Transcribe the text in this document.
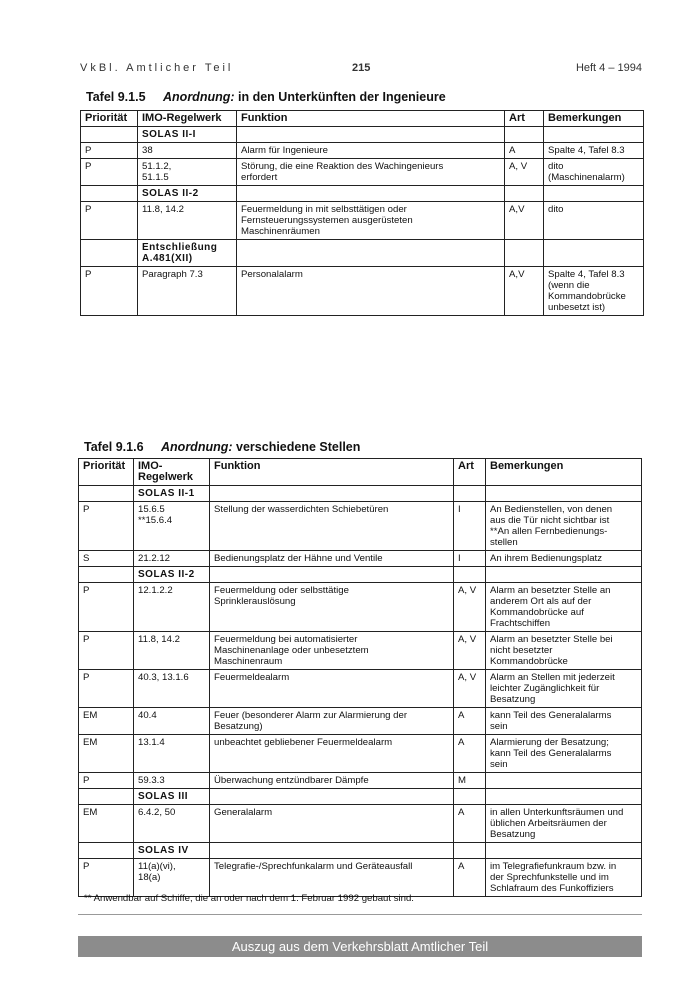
VkBl. Amtlicher Teil	215	Heft 4 – 1994
Tafel 9.1.5 Anordnung: in den Unterkünften der Ingenieure
Priorität	IMO-Regelwerk	Funktion	Art	Bemerkungen
	SOLAS II-I			
P	38	Alarm für Ingenieure	A	Spalte 4, Tafel 8.3
P	51.1.2,
51.1.5	Störung, die eine Reaktion des Wachingenieurs
erfordert	A, V	dito
(Maschinenalarm)
	SOLAS II-2			
P	11.8, 14.2	Feuermeldung in mit selbsttätigen oder
Fernsteuerungssystemen ausgerüsteten
Maschinenräumen	A,V	dito
	Entschließung
A.481(XII)			
P	Paragraph 7.3	Personalalarm	A,V	Spalte 4, Tafel 8.3
(wenn die
Kommandobrücke
unbesetzt ist)
Tafel 9.1.6 Anordnung: verschiedene Stellen
Priorität	IMO-
Regelwerk	Funktion	Art	Bemerkungen
	SOLAS II-1			
P	15.6.5
**15.6.4	Stellung der wasserdichten Schiebetüren	I	An Bedienstellen, von denen
aus die Tür nicht sichtbar ist
**An allen Fernbedienungs-
stellen
S	21.2.12	Bedienungsplatz der Hähne und Ventile	I	An ihrem Bedienungsplatz
	SOLAS II-2			
P	12.1.2.2	Feuermeldung oder selbsttätige
Sprinklerauslösung	A, V	Alarm an besetzter Stelle an
anderem Ort als auf der
Kommandobrücke auf
Frachtschiffen
P	11.8, 14.2	Feuermeldung bei automatisierter
Maschinenanlage oder unbesetztem
Maschinenraum	A, V	Alarm an besetzter Stelle bei
nicht besetzter
Kommandobrücke
P	40.3, 13.1.6	Feuermeldealarm	A, V	Alarm an Stellen mit jederzeit
leichter Zugänglichkeit für
Besatzung
EM	40.4	Feuer (besonderer Alarm zur Alarmierung der
Besatzung)	A	kann Teil des Generalalarms
sein
EM	13.1.4	unbeachtet gebliebener Feuermeldealarm	A	Alarmierung der Besatzung;
kann Teil des Generalalarms
sein
P	59.3.3	Überwachung entzündbarer Dämpfe	M	
	SOLAS III			
EM	6.4.2, 50	Generalalarm	A	in allen Unterkunftsräumen und
üblichen Arbeitsräumen der
Besatzung
	SOLAS IV			
P	11(a)(vi),
18(a)	Telegrafie-/Sprechfunkalarm und Geräteausfall	A	im Telegrafiefunkraum bzw. in
der Sprechfunkstelle und im
Schlafraum des Funkoffiziers
** Anwendbar auf Schiffe, die an oder nach dem 1. Februar 1992 gebaut sind.
Auszug aus dem Verkehrsblatt Amtlicher Teil
